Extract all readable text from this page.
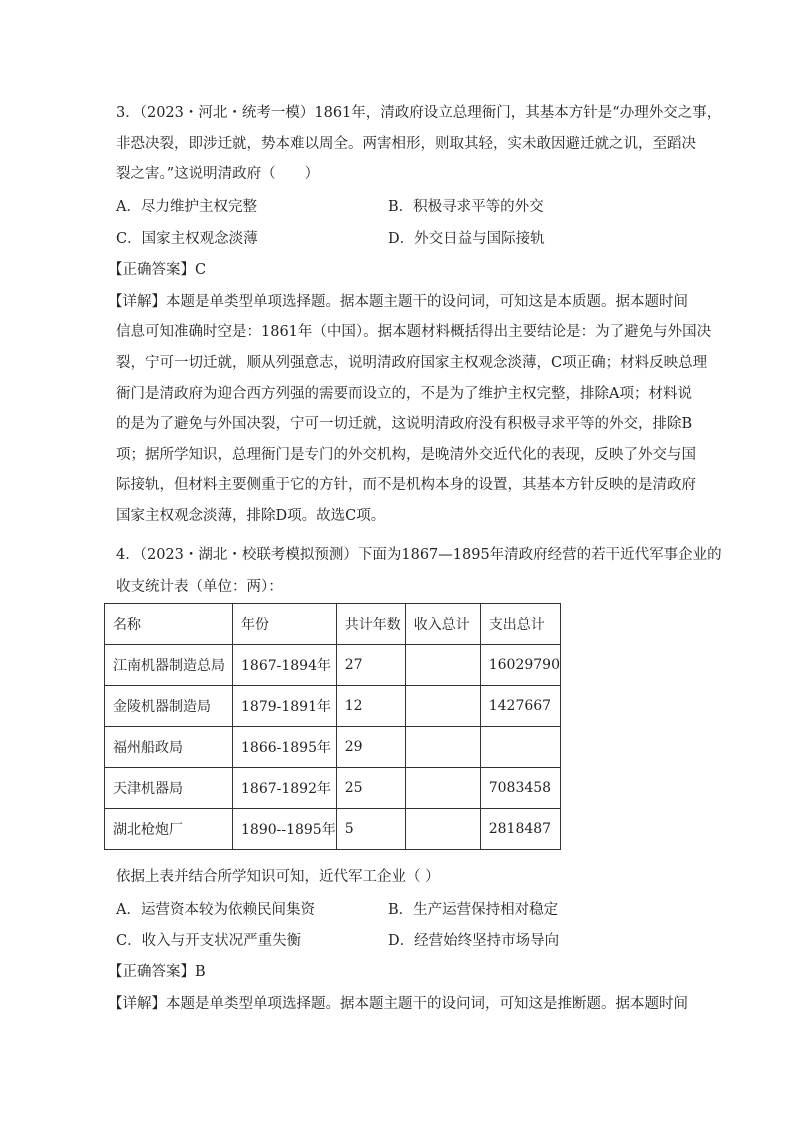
3．（2023・河北・统考一模）1861年，清政府设立总理衙门，其基本方针是“办理外交之事，
非恐决裂，即涉迁就，势本难以周全。两害相形，则取其轻，实未敢因避迁就之讥，至蹈决
裂之害。”这说明清政府（　　）
A．尽力维护主权完整	B．积极寻求平等的外交
C．国家主权观念淡薄	D．外交日益与国际接轨
【正确答案】C
【详解】本题是单类型单项选择题。据本题主题干的设问词，可知这是本质题。据本题时间
信息可知准确时空是：1861年（中国）。据本题材料概括得出主要结论是：为了避免与外国决
裂，宁可一切迁就，顺从列强意志，说明清政府国家主权观念淡薄，C项正确；材料反映总理
衙门是清政府为迎合西方列强的需要而设立的，不是为了维护主权完整，排除A项；材料说
的是为了避免与外国决裂，宁可一切迁就，这说明清政府没有积极寻求平等的外交，排除B
项；据所学知识，总理衙门是专门的外交机构，是晚清外交近代化的表现，反映了外交与国
际接轨，但材料主要侧重于它的方针，而不是机构本身的设置，其基本方针反映的是清政府
国家主权观念淡薄，排除D项。故选C项。
4．（2023・湖北・校联考模拟预测）下面为1867—1895年清政府经营的若干近代军事企业的
收支统计表（单位：两）：
名称	年份	共计年数	收入总计	支出总计
江南机器制造总局	1867-1894年	27		16029790
金陵机器制造局	1879-1891年	12		1427667
福州船政局	1866-1895年	29		
天津机器局	1867-1892年	25		7083458
湖北枪炮厂	1890--1895年	5		2818487
依据上表并结合所学知识可知，近代军工企业（ ）
A．运营资本较为依赖民间集资	B．生产运营保持相对稳定
C．收入与开支状况严重失衡	D．经营始终坚持市场导向
【正确答案】B
【详解】本题是单类型单项选择题。据本题主题干的设问词，可知这是推断题。据本题时间
